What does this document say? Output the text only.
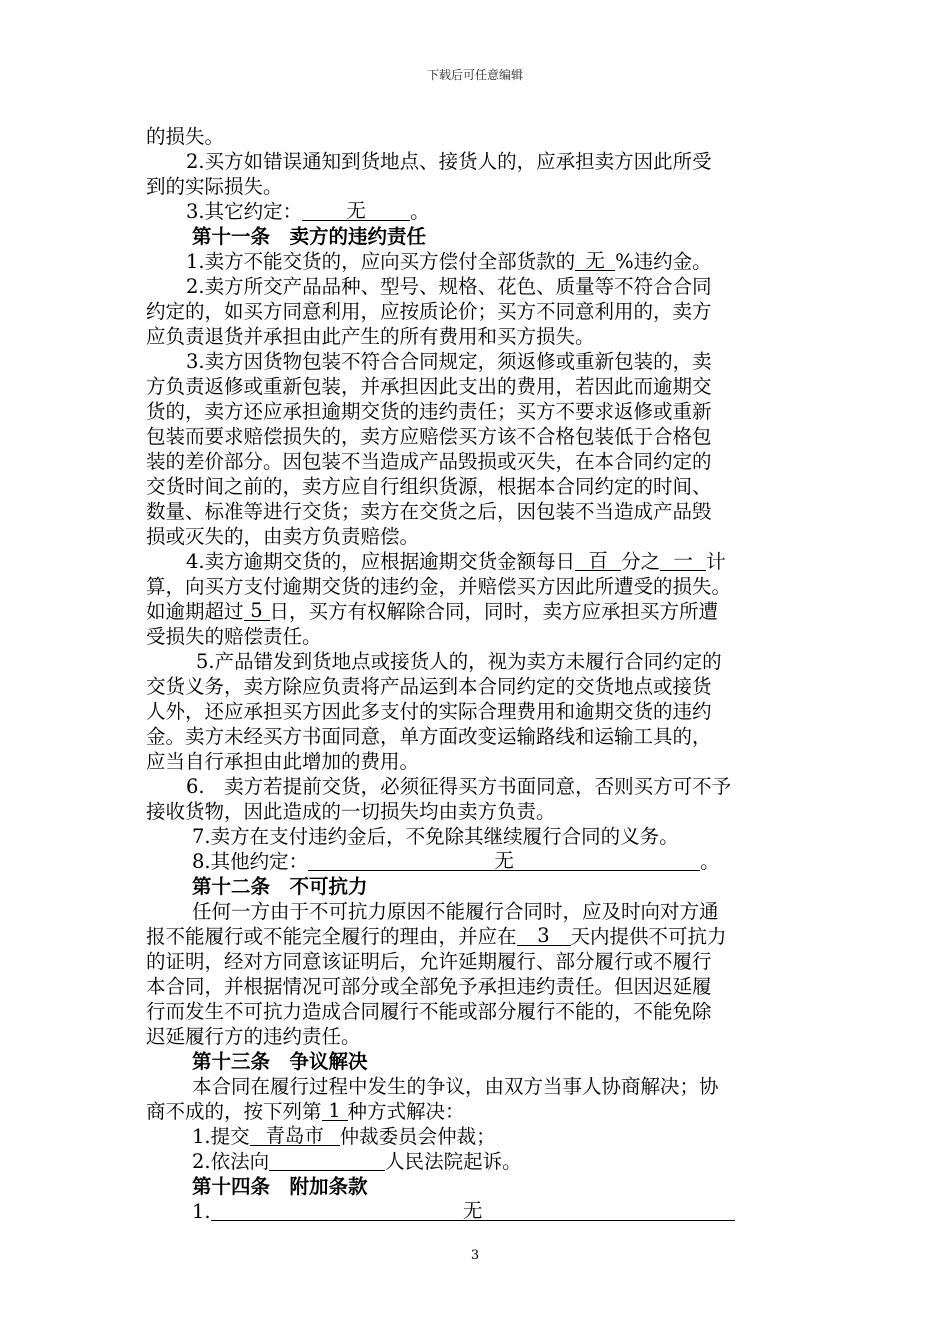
下载后可任意编辑
的损失。
2.买方如错误通知到货地点、接货人的，应承担卖方因此所受
到的实际损失。
3.其它约定：	无	。
第十一条　卖方的违约责任
1.卖方不能交货的，应向买方偿付全部货款的 无 %违约金。
2.卖方所交产品品种、型号、规格、花色、质量等不符合合同
约定的，如买方同意利用，应按质论价；买方不同意利用的，卖方
应负责退货并承担由此产生的所有费用和买方损失。
3.卖方因货物包装不符合合同规定，须返修或重新包装的，卖
方负责返修或重新包装，并承担因此支出的费用，若因此而逾期交
货的，卖方还应承担逾期交货的违约责任；买方不要求返修或重新
包装而要求赔偿损失的，卖方应赔偿买方该不合格包装低于合格包
装的差价部分。因包装不当造成产品毁损或灭失，在本合同约定的
交货时间之前的，卖方应自行组织货源，根据本合同约定的时间、
数量、标准等进行交货；卖方在交货之后，因包装不当造成产品毁
损或灭失的，由卖方负责赔偿。
4.卖方逾期交货的，应根据逾期交货金额每日 百 分之 一 计
算，向买方支付逾期交货的违约金，并赔偿买方因此所遭受的损失。
如逾期超过 5 日，买方有权解除合同，同时，卖方应承担买方所遭
受损失的赔偿责任。
5.产品错发到货地点或接货人的，视为卖方未履行合同约定的
交货义务，卖方除应负责将产品运到本合同约定的交货地点或接货
人外，还应承担买方因此多支付的实际合理费用和逾期交货的违约
金。卖方未经买方书面同意，单方面改变运输路线和运输工具的，
应当自行承担由此增加的费用。
6.　卖方若提前交货，必须征得买方书面同意，否则买方可不予
接收货物，因此造成的一切损失均由卖方负责。
7.卖方在支付违约金后，不免除其继续履行合同的义务。
8.其他约定：	无	。
第十二条　不可抗力
任何一方由于不可抗力原因不能履行合同时，应及时向对方通
报不能履行或不能完全履行的理由，并应在	3	天内提供不可抗力
的证明，经对方同意该证明后，允许延期履行、部分履行或不履行
本合同，并根据情况可部分或全部免予承担违约责任。但因迟延履
行而发生不可抗力造成合同履行不能或部分履行不能的，不能免除
迟延履行方的违约责任。
第十三条　争议解决
本合同在履行过程中发生的争议，由双方当事人协商解决；协
商不成的，按下列第 1 种方式解决：
1.提交 青岛市 仲裁委员会仲裁；
2.依法向	人民法院起诉。
第十四条　附加条款
1.	无
3
